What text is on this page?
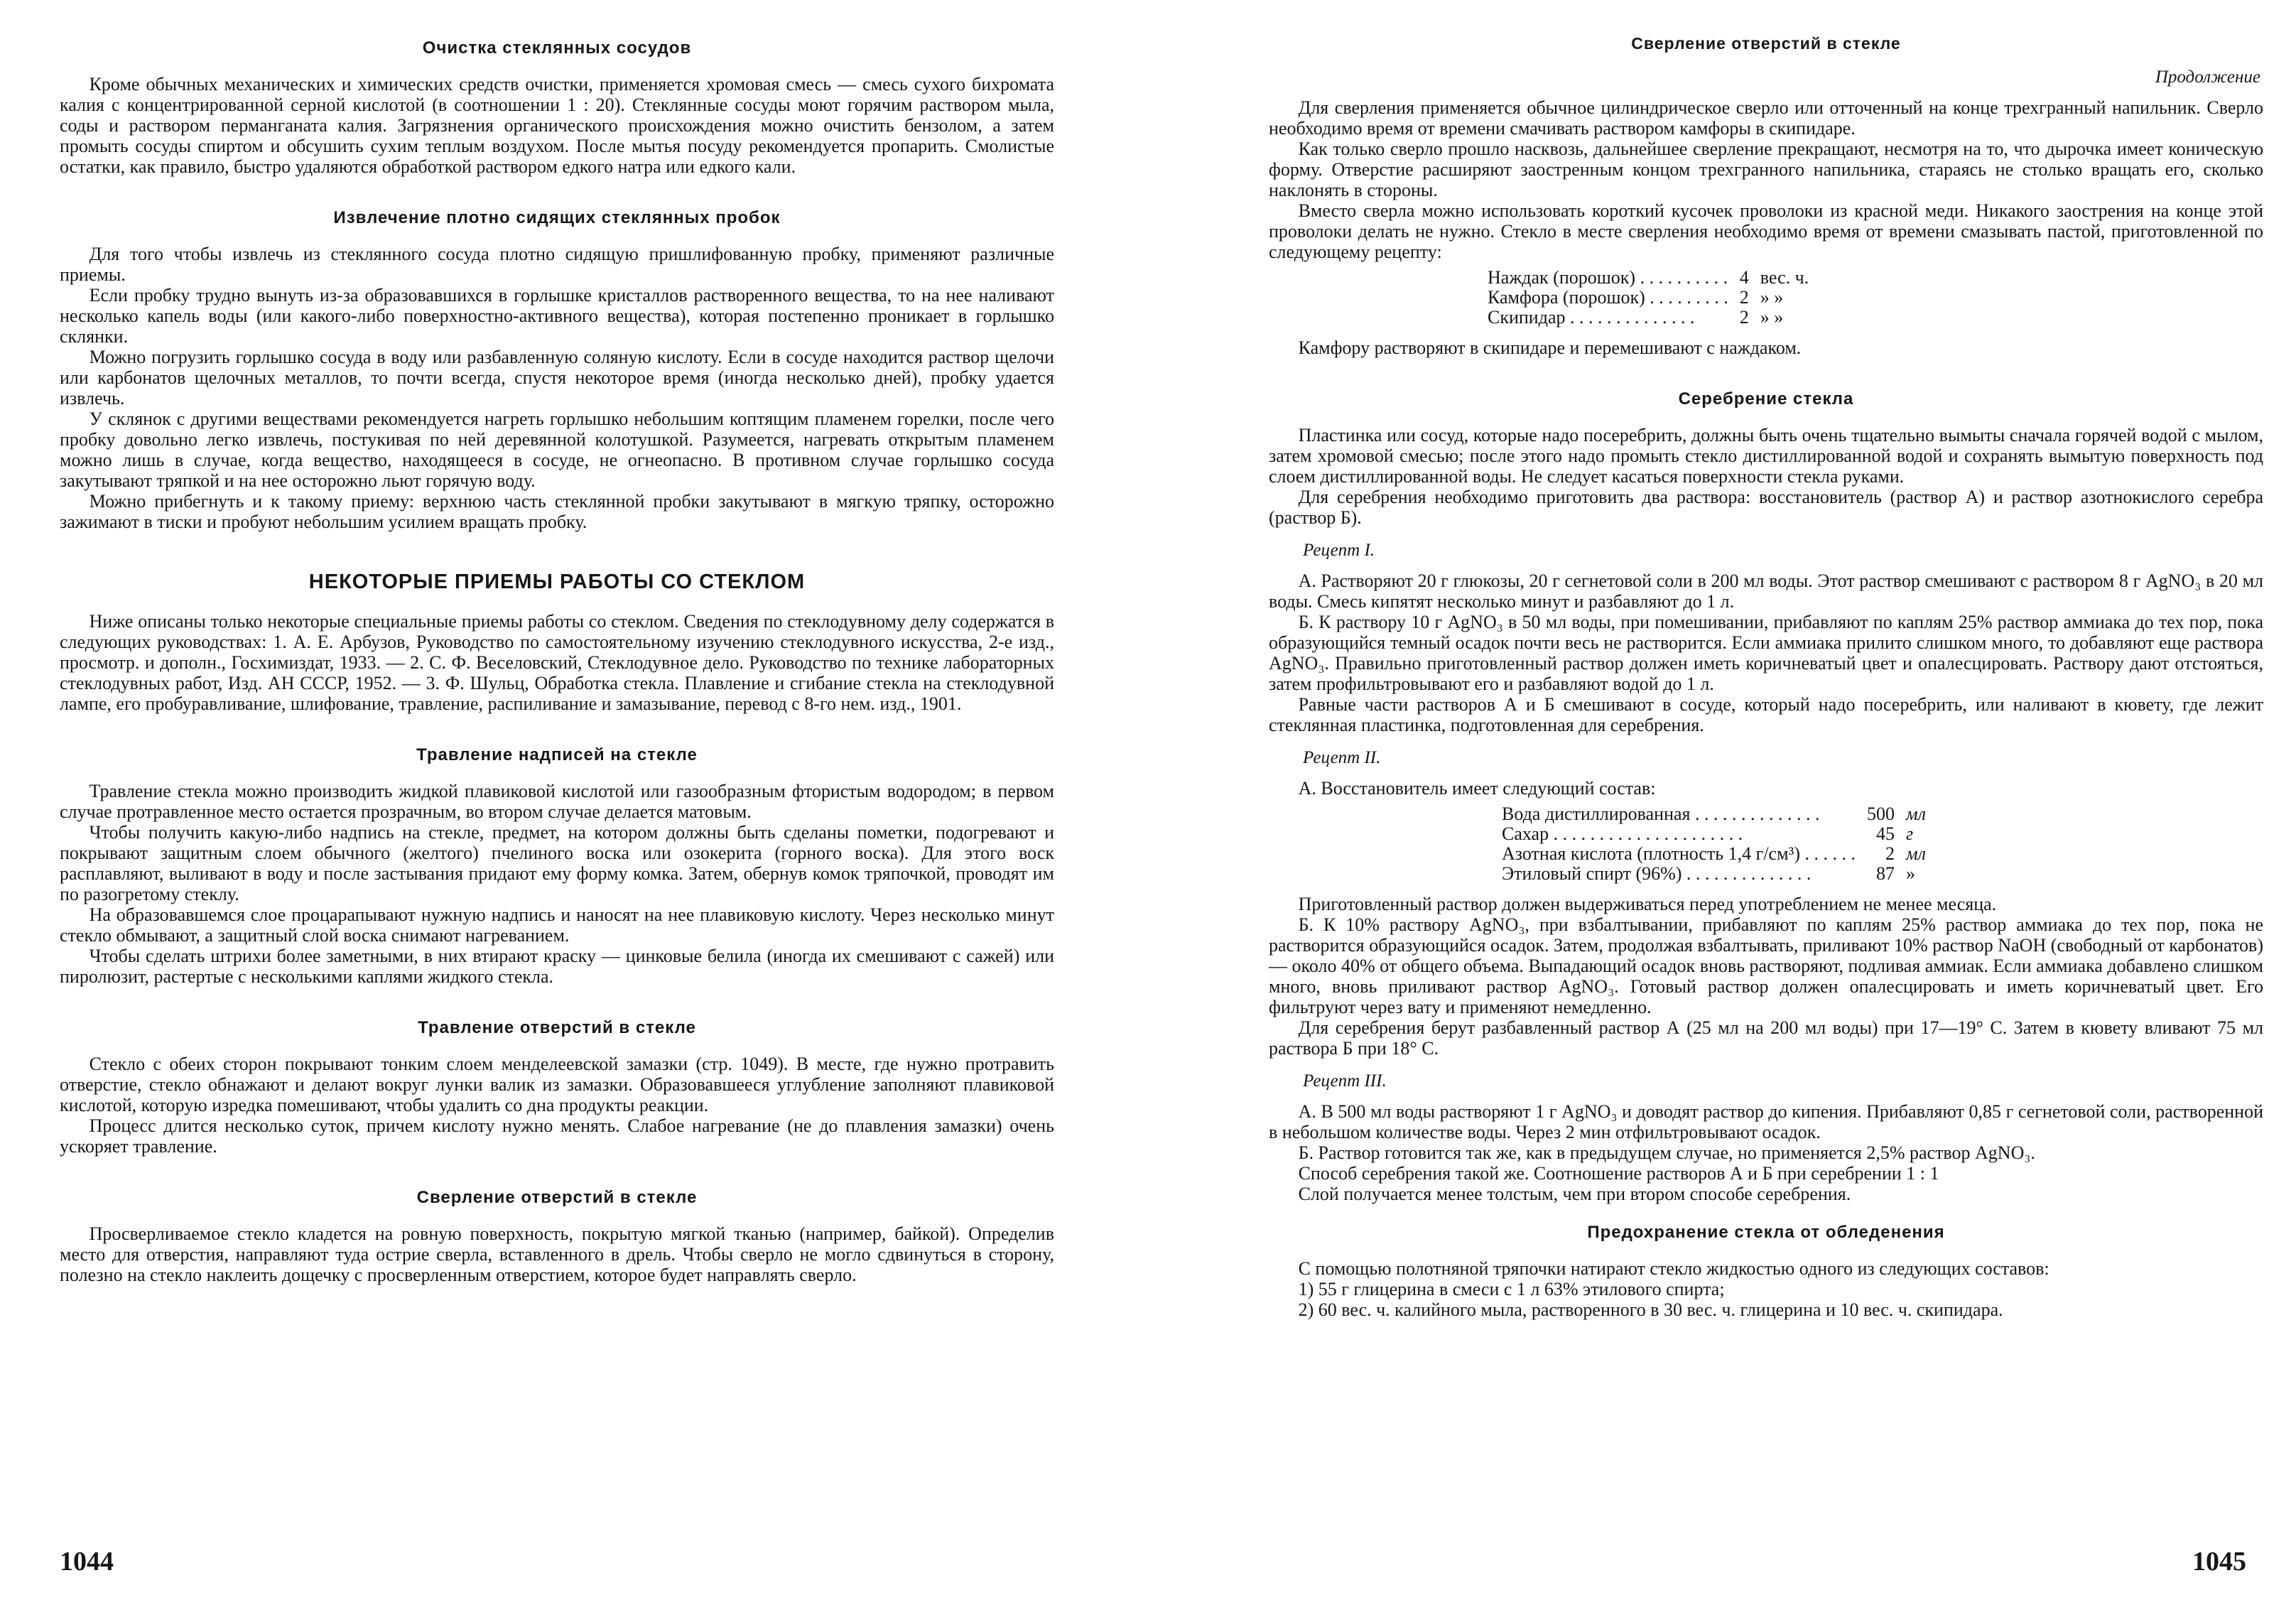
Очистка стеклянных сосудов

Кроме обычных механических и химических средств очистки, применяется хромовая смесь — смесь сухого бихромата калия с концентрированной серной кислотой (в соотношении 1 : 20). Стеклянные сосуды моют горячим раствором мыла, соды и раствором перманганата калия. Загрязнения органического происхождения можно очистить бензолом, а затем промыть сосуды спиртом и обсушить сухим теплым воздухом. После мытья посуду рекомендуется пропарить. Смолистые остатки, как правило, быстро удаляются обработкой раствором едкого натра или едкого кали.

Извлечение плотно сидящих стеклянных пробок

Для того чтобы извлечь из стеклянного сосуда плотно сидящую пришлифованную пробку, применяют различные приемы.

Если пробку трудно вынуть из-за образовавшихся в горлышке кристаллов растворенного вещества, то на нее наливают несколько капель воды (или какого-либо поверхностно-активного вещества), которая постепенно проникает в горлышко склянки.

Можно погрузить горлышко сосуда в воду или разбавленную соляную кислоту. Если в сосуде находится раствор щелочи или карбонатов щелочных металлов, то почти всегда, спустя некоторое время (иногда несколько дней), пробку удается извлечь.

У склянок с другими веществами рекомендуется нагреть горлышко небольшим коптящим пламенем горелки, после чего пробку довольно легко извлечь, постукивая по ней деревянной колотушкой. Разумеется, нагревать открытым пламенем можно лишь в случае, когда вещество, находящееся в сосуде, не огнеопасно. В противном случае горлышко сосуда закутывают тряпкой и на нее осторожно льют горячую воду.

Можно прибегнуть и к такому приему: верхнюю часть стеклянной пробки закутывают в мягкую тряпку, осторожно зажимают в тиски и пробуют небольшим усилием вращать пробку.

НЕКОТОРЫЕ ПРИЕМЫ РАБОТЫ СО СТЕКЛОМ

Ниже описаны только некоторые специальные приемы работы со стеклом. Сведения по стеклодувному делу содержатся в следующих руководствах: 1. А. Е. Арбузов, Руководство по самостоятельному изучению стеклодувного искусства, 2-е изд., просмотр. и дополн., Госхимиздат, 1933. — 2. С. Ф. Веселовский, Стеклодувное дело. Руководство по технике лабораторных стеклодувных работ, Изд. АН СССР, 1952. — 3. Ф. Шульц, Обработка стекла. Плавление и сгибание стекла на стеклодувной лампе, его пробуравливание, шлифование, травление, распиливание и замазывание, перевод с 8-го нем. изд., 1901.

Травление надписей на стекле

Травление стекла можно производить жидкой плавиковой кислотой или газообразным фтористым водородом; в первом случае протравленное место остается прозрачным, во втором случае делается матовым.

Чтобы получить какую-либо надпись на стекле, предмет, на котором должны быть сделаны пометки, подогревают и покрывают защитным слоем обычного (желтого) пчелиного воска или озокерита (горного воска). Для этого воск расплавляют, выливают в воду и после застывания придают ему форму комка. Затем, обернув комок тряпочкой, проводят им по разогретому стеклу.

На образовавшемся слое процарапывают нужную надпись и наносят на нее плавиковую кислоту. Через несколько минут стекло обмывают, а защитный слой воска снимают нагреванием.

Чтобы сделать штрихи более заметными, в них втирают краску — цинковые белила (иногда их смешивают с сажей) или пиролюзит, растертые с несколькими каплями жидкого стекла.

Травление отверстий в стекле

Стекло с обеих сторон покрывают тонким слоем менделеевской замазки (стр. 1049). В месте, где нужно протравить отверстие, стекло обнажают и делают вокруг лунки валик из замазки. Образовавшееся углубление заполняют плавиковой кислотой, которую изредка помешивают, чтобы удалить со дна продукты реакции.

Процесс длится несколько суток, причем кислоту нужно менять. Слабое нагревание (не до плавления замазки) очень ускоряет травление.

Сверление отверстий в стекле

Просверливаемое стекло кладется на ровную поверхность, покрытую мягкой тканью (например, байкой). Определив место для отверстия, направляют туда острие сверла, вставленного в дрель. Чтобы сверло не могло сдвинуться в сторону, полезно на стекло наклеить дощечку с просверленным отверстием, которое будет направлять сверло.

1044
Сверление отверстий в стекле
Продолжение

Для сверления применяется обычное цилиндрическое сверло или отточенный на конце трехгранный напильник. Сверло необходимо время от времени смачивать раствором камфоры в скипидаре.

Как только сверло прошло насквозь, дальнейшее сверление прекращают, несмотря на то, что дырочка имеет коническую форму. Отверстие расширяют заостренным концом трехгранного напильника, стараясь не столько вращать его, сколько наклонять в стороны.

Вместо сверла можно использовать короткий кусочек проволоки из красной меди. Никакого заострения на конце этой проволоки делать не нужно. Стекло в месте сверления необходимо время от времени смазывать пастой, приготовленной по следующему рецепту:

Наждак (порошок) . . . . . . . . . .	4	вес. ч.
Камфора (порошок) . . . . . . . . .	2	» »
Скипидар . . . . . . . . . . . . . .	2	» »

Камфору растворяют в скипидаре и перемешивают с наждаком.

Серебрение стекла

Пластинка или сосуд, которые надо посеребрить, должны быть очень тщательно вымыты сначала горячей водой с мылом, затем хромовой смесью; после этого надо промыть стекло дистиллированной водой и сохранять вымытую поверхность под слоем дистиллированной воды. Не следует касаться поверхности стекла руками.

Для серебрения необходимо приготовить два раствора: восстановитель (раствор А) и раствор азотнокислого серебра (раствор Б).

Рецепт I.

А. Растворяют 20 г глюкозы, 20 г сегнетовой соли в 200 мл воды. Этот раствор смешивают с раствором 8 г AgNO₃ в 20 мл воды. Смесь кипятят несколько минут и разбавляют до 1 л.

Б. К раствору 10 г AgNO₃ в 50 мл воды, при помешивании, прибавляют по каплям 25% раствор аммиака до тех пор, пока образующийся темный осадок почти весь не растворится. Если аммиака прилито слишком много, то добавляют еще раствора AgNO₃. Правильно приготовленный раствор должен иметь коричневатый цвет и опалесцировать. Раствору дают отстояться, затем профильтровывают его и разбавляют водой до 1 л.

Равные части растворов А и Б смешивают в сосуде, который надо посеребрить, или наливают в кювету, где лежит стеклянная пластинка, подготовленная для серебрения.

Рецепт II.

А. Восстановитель имеет следующий состав:

Вода дистиллированная . . . . . . . . . . . . . .	500	мл
Сахар . . . . . . . . . . . . . . . . . . . . .	45	г
Азотная кислота (плотность 1,4 г/см³) . . . . . .	2	мл
Этиловый спирт (96%) . . . . . . . . . . . . . .	87	»

Приготовленный раствор должен выдерживаться перед употреблением не менее месяца.

Б. К 10% раствору AgNO₃, при взбалтывании, прибавляют по каплям 25% раствор аммиака до тех пор, пока не растворится образующийся осадок. Затем, продолжая взбалтывать, приливают 10% раствор NaOH (свободный от карбонатов) — около 40% от общего объема. Выпадающий осадок вновь растворяют, подливая аммиак. Если аммиака добавлено слишком много, вновь приливают раствор AgNO₃. Готовый раствор должен опалесцировать и иметь коричневатый цвет. Его фильтруют через вату и применяют немедленно.

Для серебрения берут разбавленный раствор А (25 мл на 200 мл воды) при 17—19° С. Затем в кювету вливают 75 мл раствора Б при 18° С.

Рецепт III.

А. В 500 мл воды растворяют 1 г AgNO₃ и доводят раствор до кипения. Прибавляют 0,85 г сегнетовой соли, растворенной в небольшом количестве воды. Через 2 мин отфильтровывают осадок.

Б. Раствор готовится так же, как в предыдущем случае, но применяется 2,5% раствор AgNO₃.

Способ серебрения такой же. Соотношение растворов А и Б при серебрении 1 : 1

Слой получается менее толстым, чем при втором способе серебрения.

Предохранение стекла от обледенения

С помощью полотняной тряпочки натирают стекло жидкостью одного из следующих составов:

1) 55 г глицерина в смеси с 1 л 63% этилового спирта;

2) 60 вес. ч. калийного мыла, растворенного в 30 вес. ч. глицерина и 10 вес. ч. скипидара.

1045
